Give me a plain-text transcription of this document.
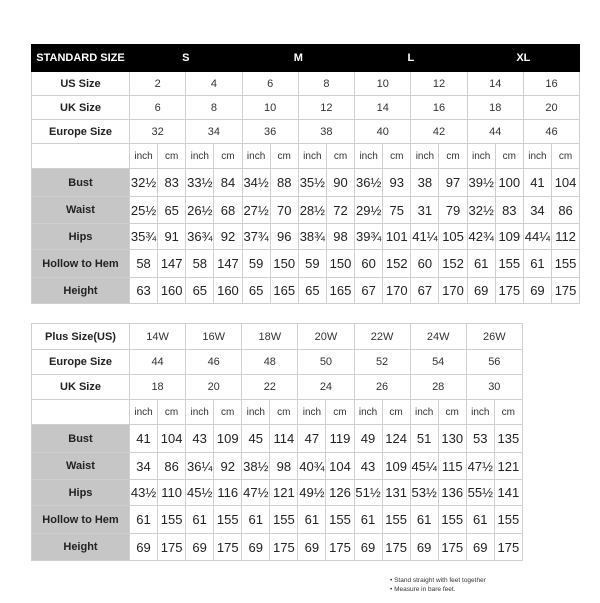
STANDARD SIZE	S				M				L				XL			
US Size	2		4		6		8		10		12		14		16	
UK Size	6		8		10		12		14		16		18		20	
Europe Size	32		34		36		38		40		42		44		46	
	inch	cm	inch	cm	inch	cm	inch	cm	inch	cm	inch	cm	inch	cm	inch	cm
Bust	32½	83	33½	84	34½	88	35½	90	36½	93	38	97	39½	100	41	104
Waist	25½	65	26½	68	27½	70	28½	72	29½	75	31	79	32½	83	34	86
Hips	35¾	91	36¾	92	37¾	96	38¾	98	39¾	101	41¼	105	42¾	109	44¼	112
Hollow to Hem	58	147	58	147	59	150	59	150	60	152	60	152	61	155	61	155
Height	63	160	65	160	65	165	65	165	67	170	67	170	69	175	69	175
Plus Size(US)	14W		16W		18W		20W		22W		24W		26W	
Europe Size	44		46		48		50		52		54		56	
UK Size	18		20		22		24		26		28		30	
	inch	cm	inch	cm	inch	cm	inch	cm	inch	cm	inch	cm	inch	cm
Bust	41	104	43	109	45	114	47	119	49	124	51	130	53	135
Waist	34	86	36¼	92	38½	98	40¾	104	43	109	45¼	115	47½	121
Hips	43½	110	45½	116	47½	121	49½	126	51½	131	53½	136	55½	141
Hollow to Hem	61	155	61	155	61	155	61	155	61	155	61	155	61	155
Height	69	175	69	175	69	175	69	175	69	175	69	175	69	175
• Stand straight with feet together
• Measure in bare feet.
